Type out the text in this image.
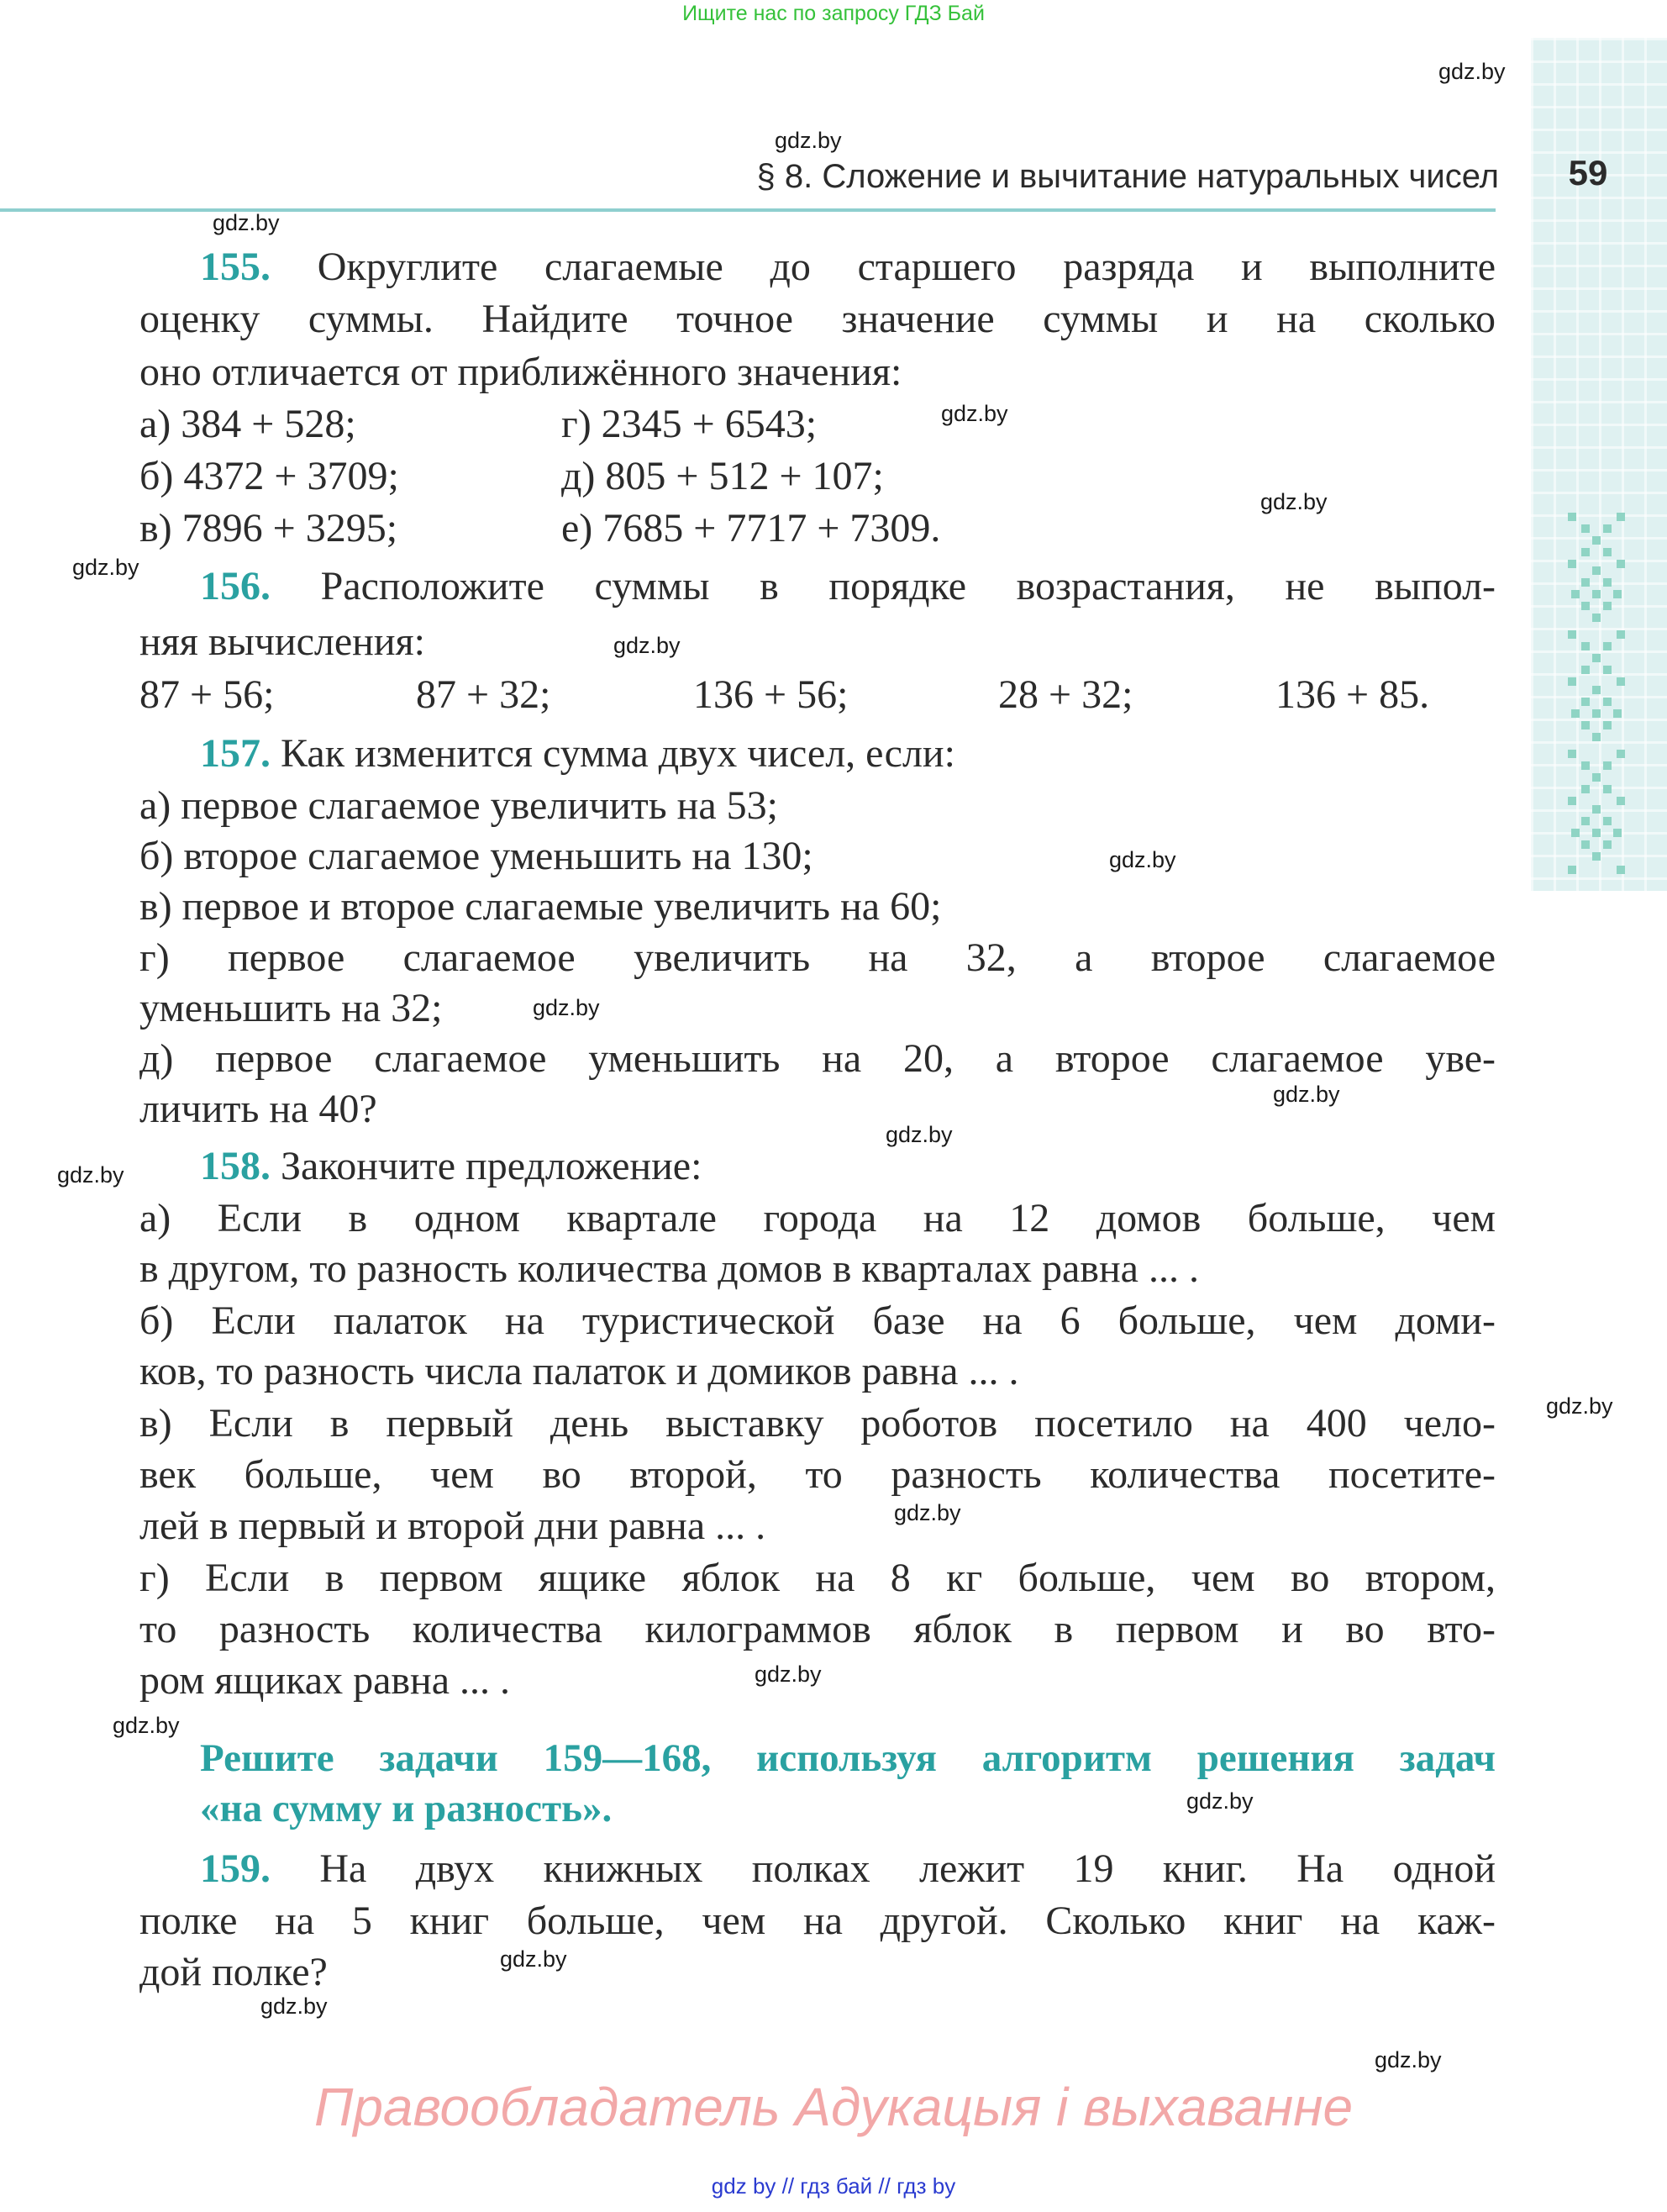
Ищите нас по запросу ГДЗ Бай
59
§ 8. Сложение и вычитание натуральных чисел
gdz.by
gdz.by
gdz.by
gdz.by
gdz.by
gdz.by
gdz.by
gdz.by
gdz.by
gdz.by
gdz.by
gdz.by
gdz.by
gdz.by
gdz.by
gdz.by
gdz.by
gdz.by
gdz.by
gdz.by
155. Округлите слагаемые до старшего разряда и выполните
оценку суммы. Найдите точное значение суммы и на сколько
оно отличается от приближённого значения:
а) 384 + 528;	г) 2345 + 6543;
б) 4372 + 3709;	д) 805 + 512 + 107;
в) 7896 + 3295;	е) 7685 + 7717 + 7309.
156. Расположите суммы в порядке возрастания, не выпол-
няя вычисления:
87 + 56;	87 + 32;	136 + 56;	28 + 32;	136 + 85.
157. Как изменится сумма двух чисел, если:
а) первое слагаемое увеличить на 53;
б) второе слагаемое уменьшить на 130;
в) первое и второе слагаемые увеличить на 60;
г) первое слагаемое увеличить на 32, а второе слагаемое
уменьшить на 32;
д) первое слагаемое уменьшить на 20, а второе слагаемое уве-
личить на 40?
158. Закончите предложение:
а) Если в одном квартале города на 12 домов больше, чем
в другом, то разность количества домов в кварталах равна ... .
б) Если палаток на туристической базе на 6 больше, чем доми-
ков, то разность числа палаток и домиков равна ... .
в) Если в первый день выставку роботов посетило на 400 чело-
век больше, чем во второй, то разность количества посетите-
лей в первый и второй дни равна ... .
г) Если в первом ящике яблок на 8 кг больше, чем во втором,
то разность количества килограммов яблок в первом и во вто-
ром ящиках равна ... .
Решите задачи 159—168, используя алгоритм решения задач
«на сумму и разность».
159. На двух книжных полках лежит 19 книг. На одной
полке на 5 книг больше, чем на другой. Сколько книг на каж-
дой полке?
Правообладатель Адукацыя і выхаванне
gdz by // гдз бай // гдз by
